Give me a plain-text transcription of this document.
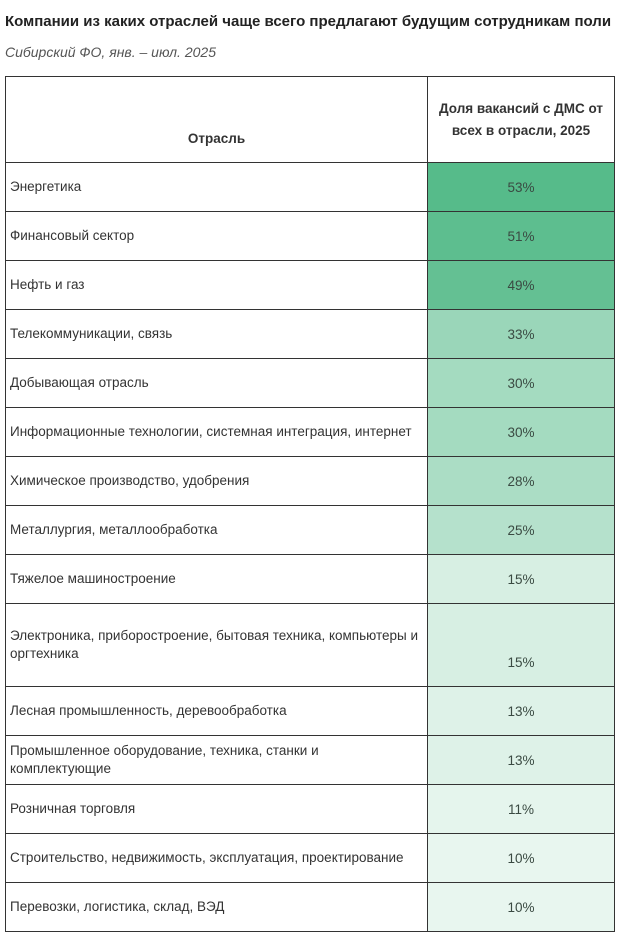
Компании из каких отраслей чаще всего предлагают будущим сотрудникам поли
Сибирский ФО, янв. – июл. 2025
Отрасль	Доля вакансий с ДМС от всех в отрасли, 2025
Энергетика	53%
Финансовый сектор	51%
Нефть и газ	49%
Телекоммуникации, связь	33%
Добывающая отрасль	30%
Информационные технологии, системная интеграция, интернет	30%
Химическое производство, удобрения	28%
Металлургия, металлообработка	25%
Тяжелое машиностроение	15%
Электроника, приборостроение, бытовая техника, компьютеры и оргтехника	15%
Лесная промышленность, деревообработка	13%
Промышленное оборудование, техника, станки и комплектующие	13%
Розничная торговля	11%
Строительство, недвижимость, эксплуатация, проектирование	10%
Перевозки, логистика, склад, ВЭД	10%
